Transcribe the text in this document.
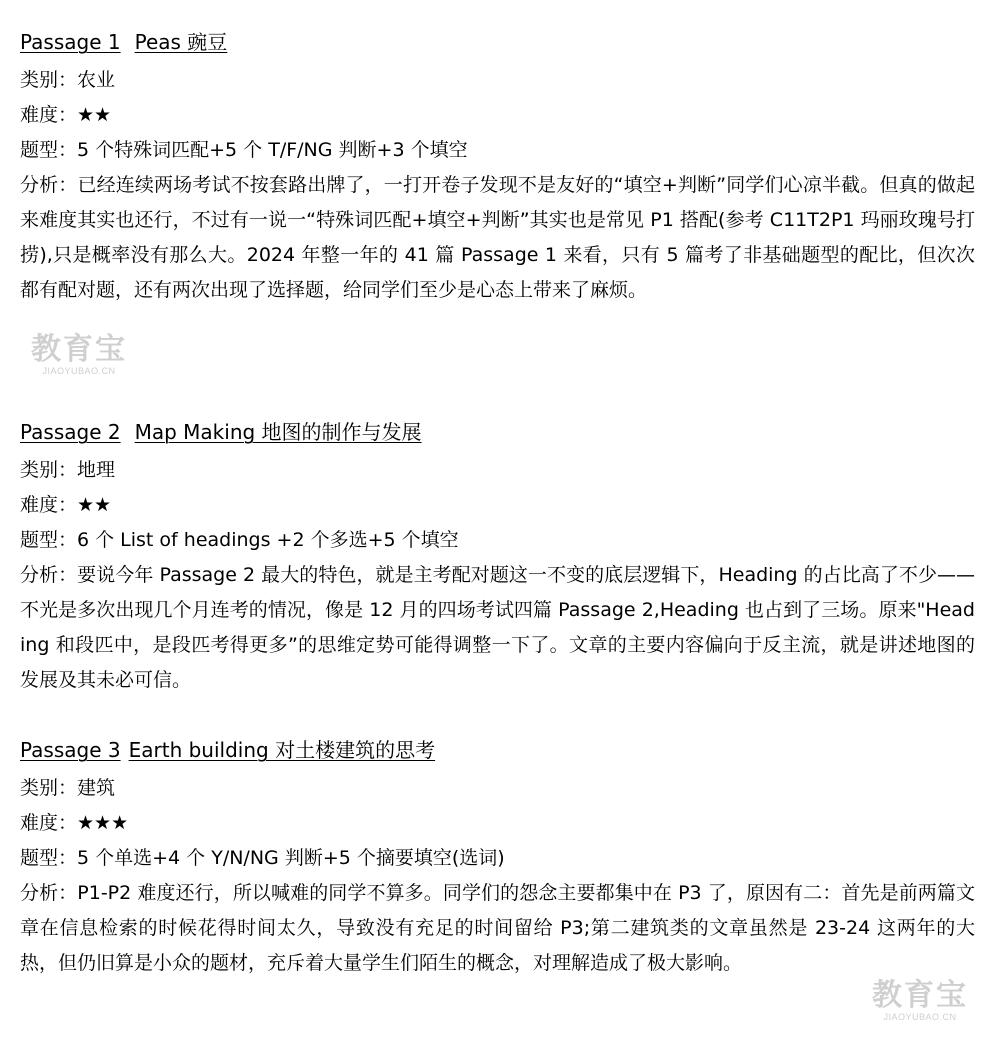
Passage 1 Peas 豌豆
类别：农业
难度：★★
题型：5 个特殊词匹配+5 个 T/F/NG 判断+3 个填空

分析：已经连续两场考试不按套路出牌了，一打开卷子发现不是友好的“填空+判断”同学们心凉半截。但真的做起来难度其实也还行，不过有一说一“特殊词匹配+填空+判断”其实也是常见 P1 搭配(参考 C11T2P1 玛丽玫瑰号打捞),只是概率没有那么大。2024 年整一年的 41 篇 Passage 1 来看，只有 5 篇考了非基础题型的配比，但次次都有配对题，还有两次出现了选择题，给同学们至少是心态上带来了麻烦。

Passage 2 Map Making 地图的制作与发展
类别：地理
难度：★★
题型：6 个 List of headings +2 个多选+5 个填空

分析：要说今年 Passage 2 最大的特色，就是主考配对题这一不变的底层逻辑下，Heading 的占比高了不少——不光是多次出现几个月连考的情况，像是 12 月的四场考试四篇 Passage 2,Heading 也占到了三场。原来"Heading 和段匹中，是段匹考得更多”的思维定势可能得调整一下了。文章的主要内容偏向于反主流，就是讲述地图的发展及其未必可信。

Passage 3 Earth building 对土楼建筑的思考
类别：建筑
难度：★★★
题型：5 个单选+4 个 Y/N/NG 判断+5 个摘要填空(选词)

分析：P1-P2 难度还行，所以喊难的同学不算多。同学们的怨念主要都集中在 P3 了，原因有二：首先是前两篇文章在信息检索的时候花得时间太久，导致没有充足的时间留给 P3;第二建筑类的文章虽然是 23-24 这两年的大热，但仍旧算是小众的题材，充斥着大量学生们陌生的概念，对理解造成了极大影响。

教育宝
JIAOYUBAO.CN
教育宝
JIAOYUBAO.CN
